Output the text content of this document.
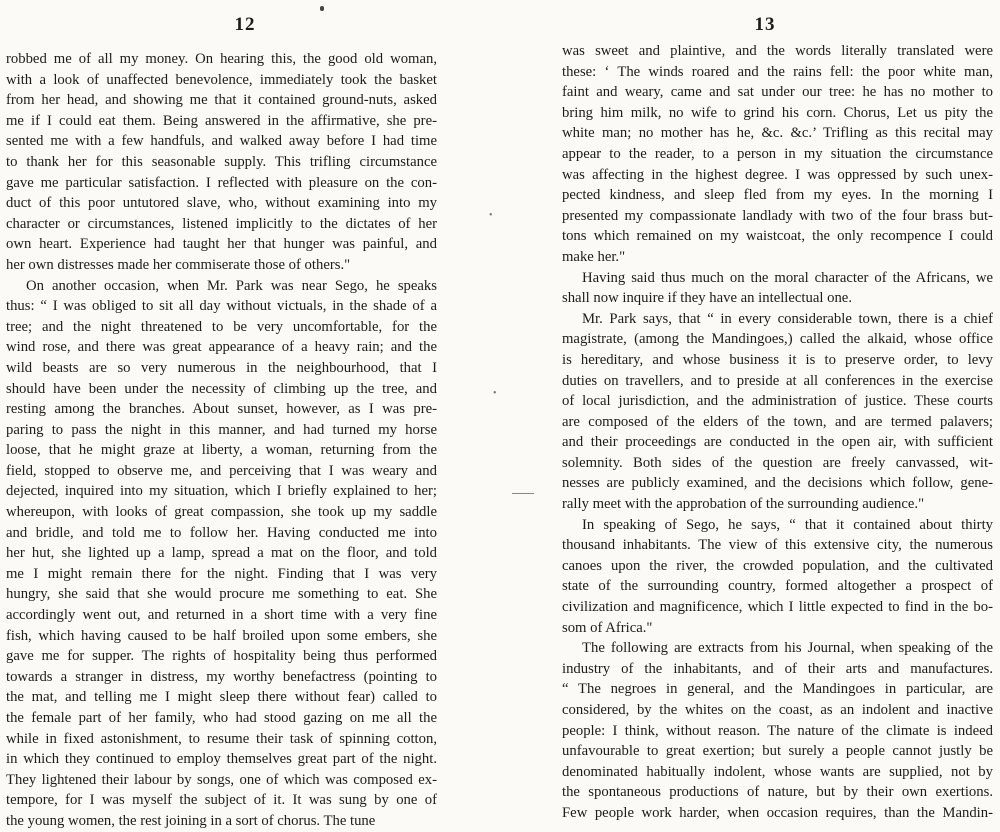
12
robbed me of all my money. On hearing this, the good old woman,
with a look of unaffected benevolence, immediately took the basket
from her head, and showing me that it contained ground-nuts, asked
me if I could eat them. Being answered in the affirmative, she pre-
sented me with a few handfuls, and walked away before I had time
to thank her for this seasonable supply. This trifling circumstance
gave me particular satisfaction. I reflected with pleasure on the con-
duct of this poor untutored slave, who, without examining into my
character or circumstances, listened implicitly to the dictates of her
own heart. Experience had taught her that hunger was painful, and
her own distresses made her commiserate those of others."
On another occasion, when Mr. Park was near Sego, he speaks
thus: “ I was obliged to sit all day without victuals, in the shade of a
tree; and the night threatened to be very uncomfortable, for the
wind rose, and there was great appearance of a heavy rain; and the
wild beasts are so very numerous in the neighbourhood, that I
should have been under the necessity of climbing up the tree, and
resting among the branches. About sunset, however, as I was pre-
paring to pass the night in this manner, and had turned my horse
loose, that he might graze at liberty, a woman, returning from the
field, stopped to observe me, and perceiving that I was weary and
dejected, inquired into my situation, which I briefly explained to her;
whereupon, with looks of great compassion, she took up my saddle
and bridle, and told me to follow her. Having conducted me into
her hut, she lighted up a lamp, spread a mat on the floor, and told
me I might remain there for the night. Finding that I was very
hungry, she said that she would procure me something to eat. She
accordingly went out, and returned in a short time with a very fine
fish, which having caused to be half broiled upon some embers, she
gave me for supper. The rights of hospitality being thus performed
towards a stranger in distress, my worthy benefactress (pointing to
the mat, and telling me I might sleep there without fear) called to
the female part of her family, who had stood gazing on me all the
while in fixed astonishment, to resume their task of spinning cotton,
in which they continued to employ themselves great part of the night.
They lightened their labour by songs, one of which was composed ex-
tempore, for I was myself the subject of it. It was sung by one of
the young women, the rest joining in a sort of chorus. The tune
•
•
13
was sweet and plaintive, and the words literally translated were
these: ‘ The winds roared and the rains fell: the poor white man,
faint and weary, came and sat under our tree: he has no mother to
bring him milk, no wife to grind his corn. Chorus, Let us pity the
white man; no mother has he, &c. &c.’ Trifling as this recital may
appear to the reader, to a person in my situation the circumstance
was affecting in the highest degree. I was oppressed by such unex-
pected kindness, and sleep fled from my eyes. In the morning I
presented my compassionate landlady with two of the four brass but-
tons which remained on my waistcoat, the only recompence I could
make her."
Having said thus much on the moral character of the Africans, we
shall now inquire if they have an intellectual one.
Mr. Park says, that “ in every considerable town, there is a chief
magistrate, (among the Mandingoes,) called the alkaid, whose office
is hereditary, and whose business it is to preserve order, to levy
duties on travellers, and to preside at all conferences in the exercise
of local jurisdiction, and the administration of justice. These courts
are composed of the elders of the town, and are termed palavers;
and their proceedings are conducted in the open air, with sufficient
solemnity. Both sides of the question are freely canvassed, wit-
nesses are publicly examined, and the decisions which follow, gene-
rally meet with the approbation of the surrounding audience."
In speaking of Sego, he says, “ that it contained about thirty
thousand inhabitants. The view of this extensive city, the numerous
canoes upon the river, the crowded population, and the cultivated
state of the surrounding country, formed altogether a prospect of
civilization and magnificence, which I little expected to find in the bo-
som of Africa."
The following are extracts from his Journal, when speaking of the
industry of the inhabitants, and of their arts and manufactures.
“ The negroes in general, and the Mandingoes in particular, are
considered, by the whites on the coast, as an indolent and inactive
people: I think, without reason. The nature of the climate is indeed
unfavourable to great exertion; but surely a people cannot justly be
denominated habitually indolent, whose wants are supplied, not by
the spontaneous productions of nature, but by their own exertions.
Few people work harder, when occasion requires, than the Mandin-
